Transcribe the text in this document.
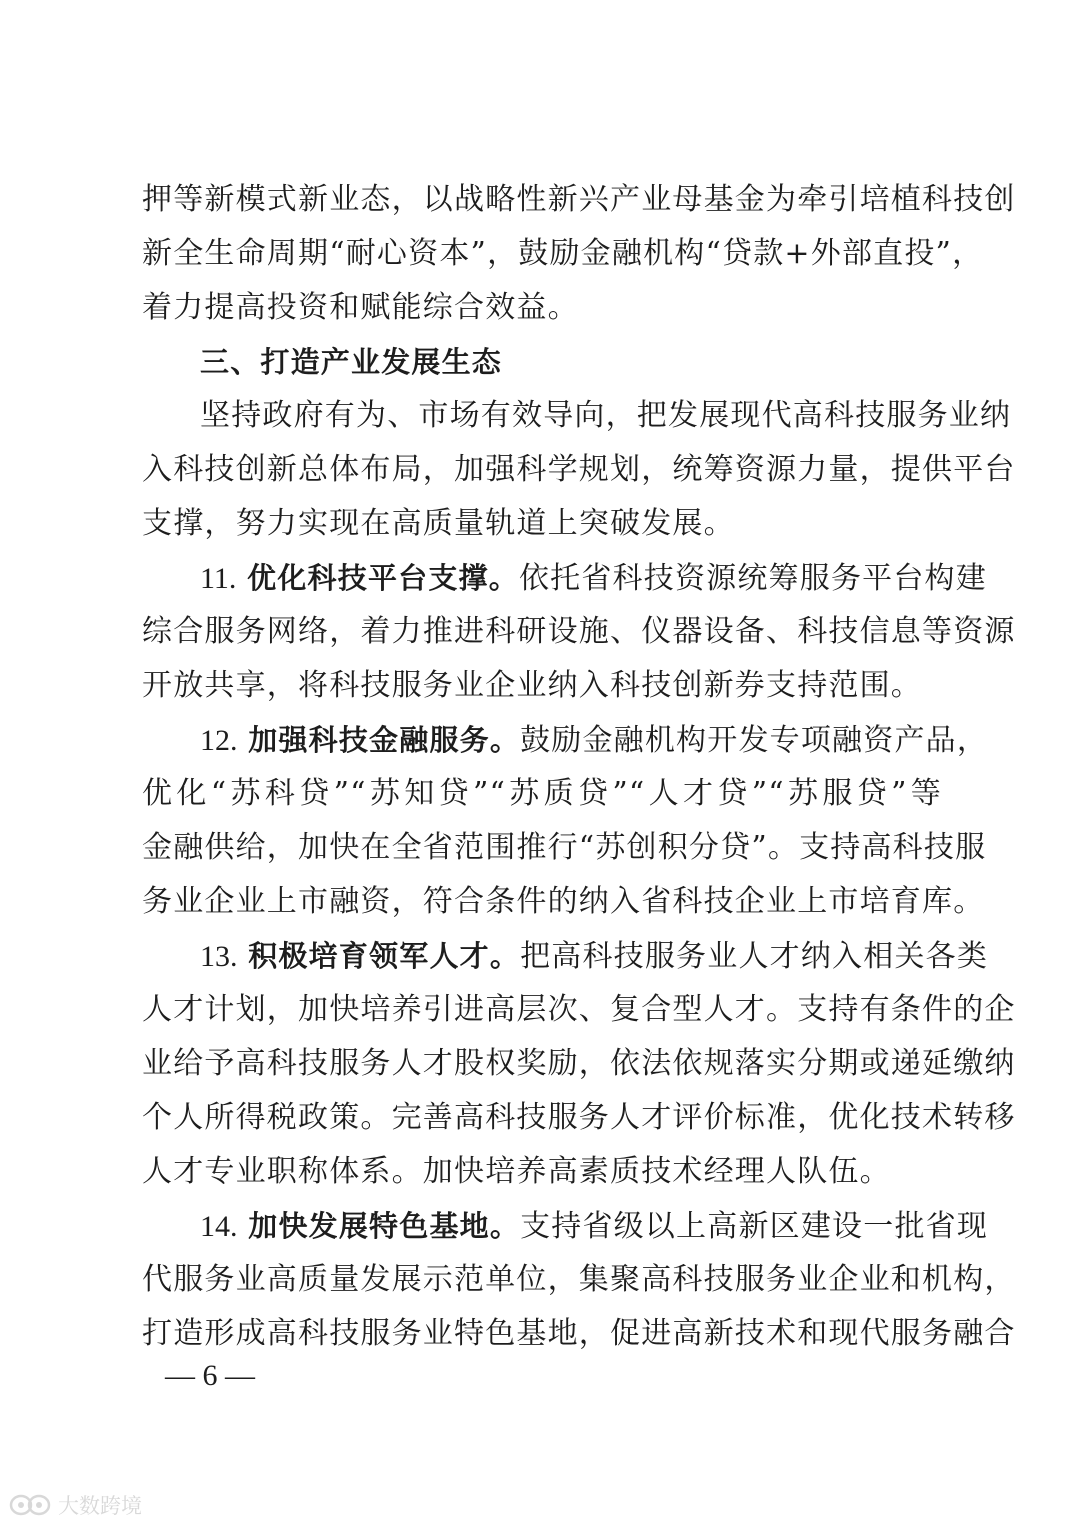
押等新模式新业态，以战略性新兴产业母基金为牵引培植科技创
新全生命周期“耐心资本”，鼓励金融机构“贷款+外部直投”，
着力提高投资和赋能综合效益。
三、打造产业发展生态
坚持政府有为、市场有效导向，把发展现代高科技服务业纳
入科技创新总体布局，加强科学规划，统筹资源力量，提供平台
支撑，努力实现在高质量轨道上突破发展。
11. 优化科技平台支撑。依托省科技资源统筹服务平台构建
综合服务网络，着力推进科研设施、仪器设备、科技信息等资源
开放共享，将科技服务业企业纳入科技创新券支持范围。
12. 加强科技金融服务。鼓励金融机构开发专项融资产品，
优化“苏科贷”“苏知贷”“苏质贷”“人才贷”“苏服贷”等
金融供给，加快在全省范围推行“苏创积分贷”。支持高科技服
务业企业上市融资，符合条件的纳入省科技企业上市培育库。
13. 积极培育领军人才。把高科技服务业人才纳入相关各类
人才计划，加快培养引进高层次、复合型人才。支持有条件的企
业给予高科技服务人才股权奖励，依法依规落实分期或递延缴纳
个人所得税政策。完善高科技服务人才评价标准，优化技术转移
人才专业职称体系。加快培养高素质技术经理人队伍。
14. 加快发展特色基地。支持省级以上高新区建设一批省现
代服务业高质量发展示范单位，集聚高科技服务业企业和机构，
打造形成高科技服务业特色基地，促进高新技术和现代服务融合
— 6 —
大数跨境
